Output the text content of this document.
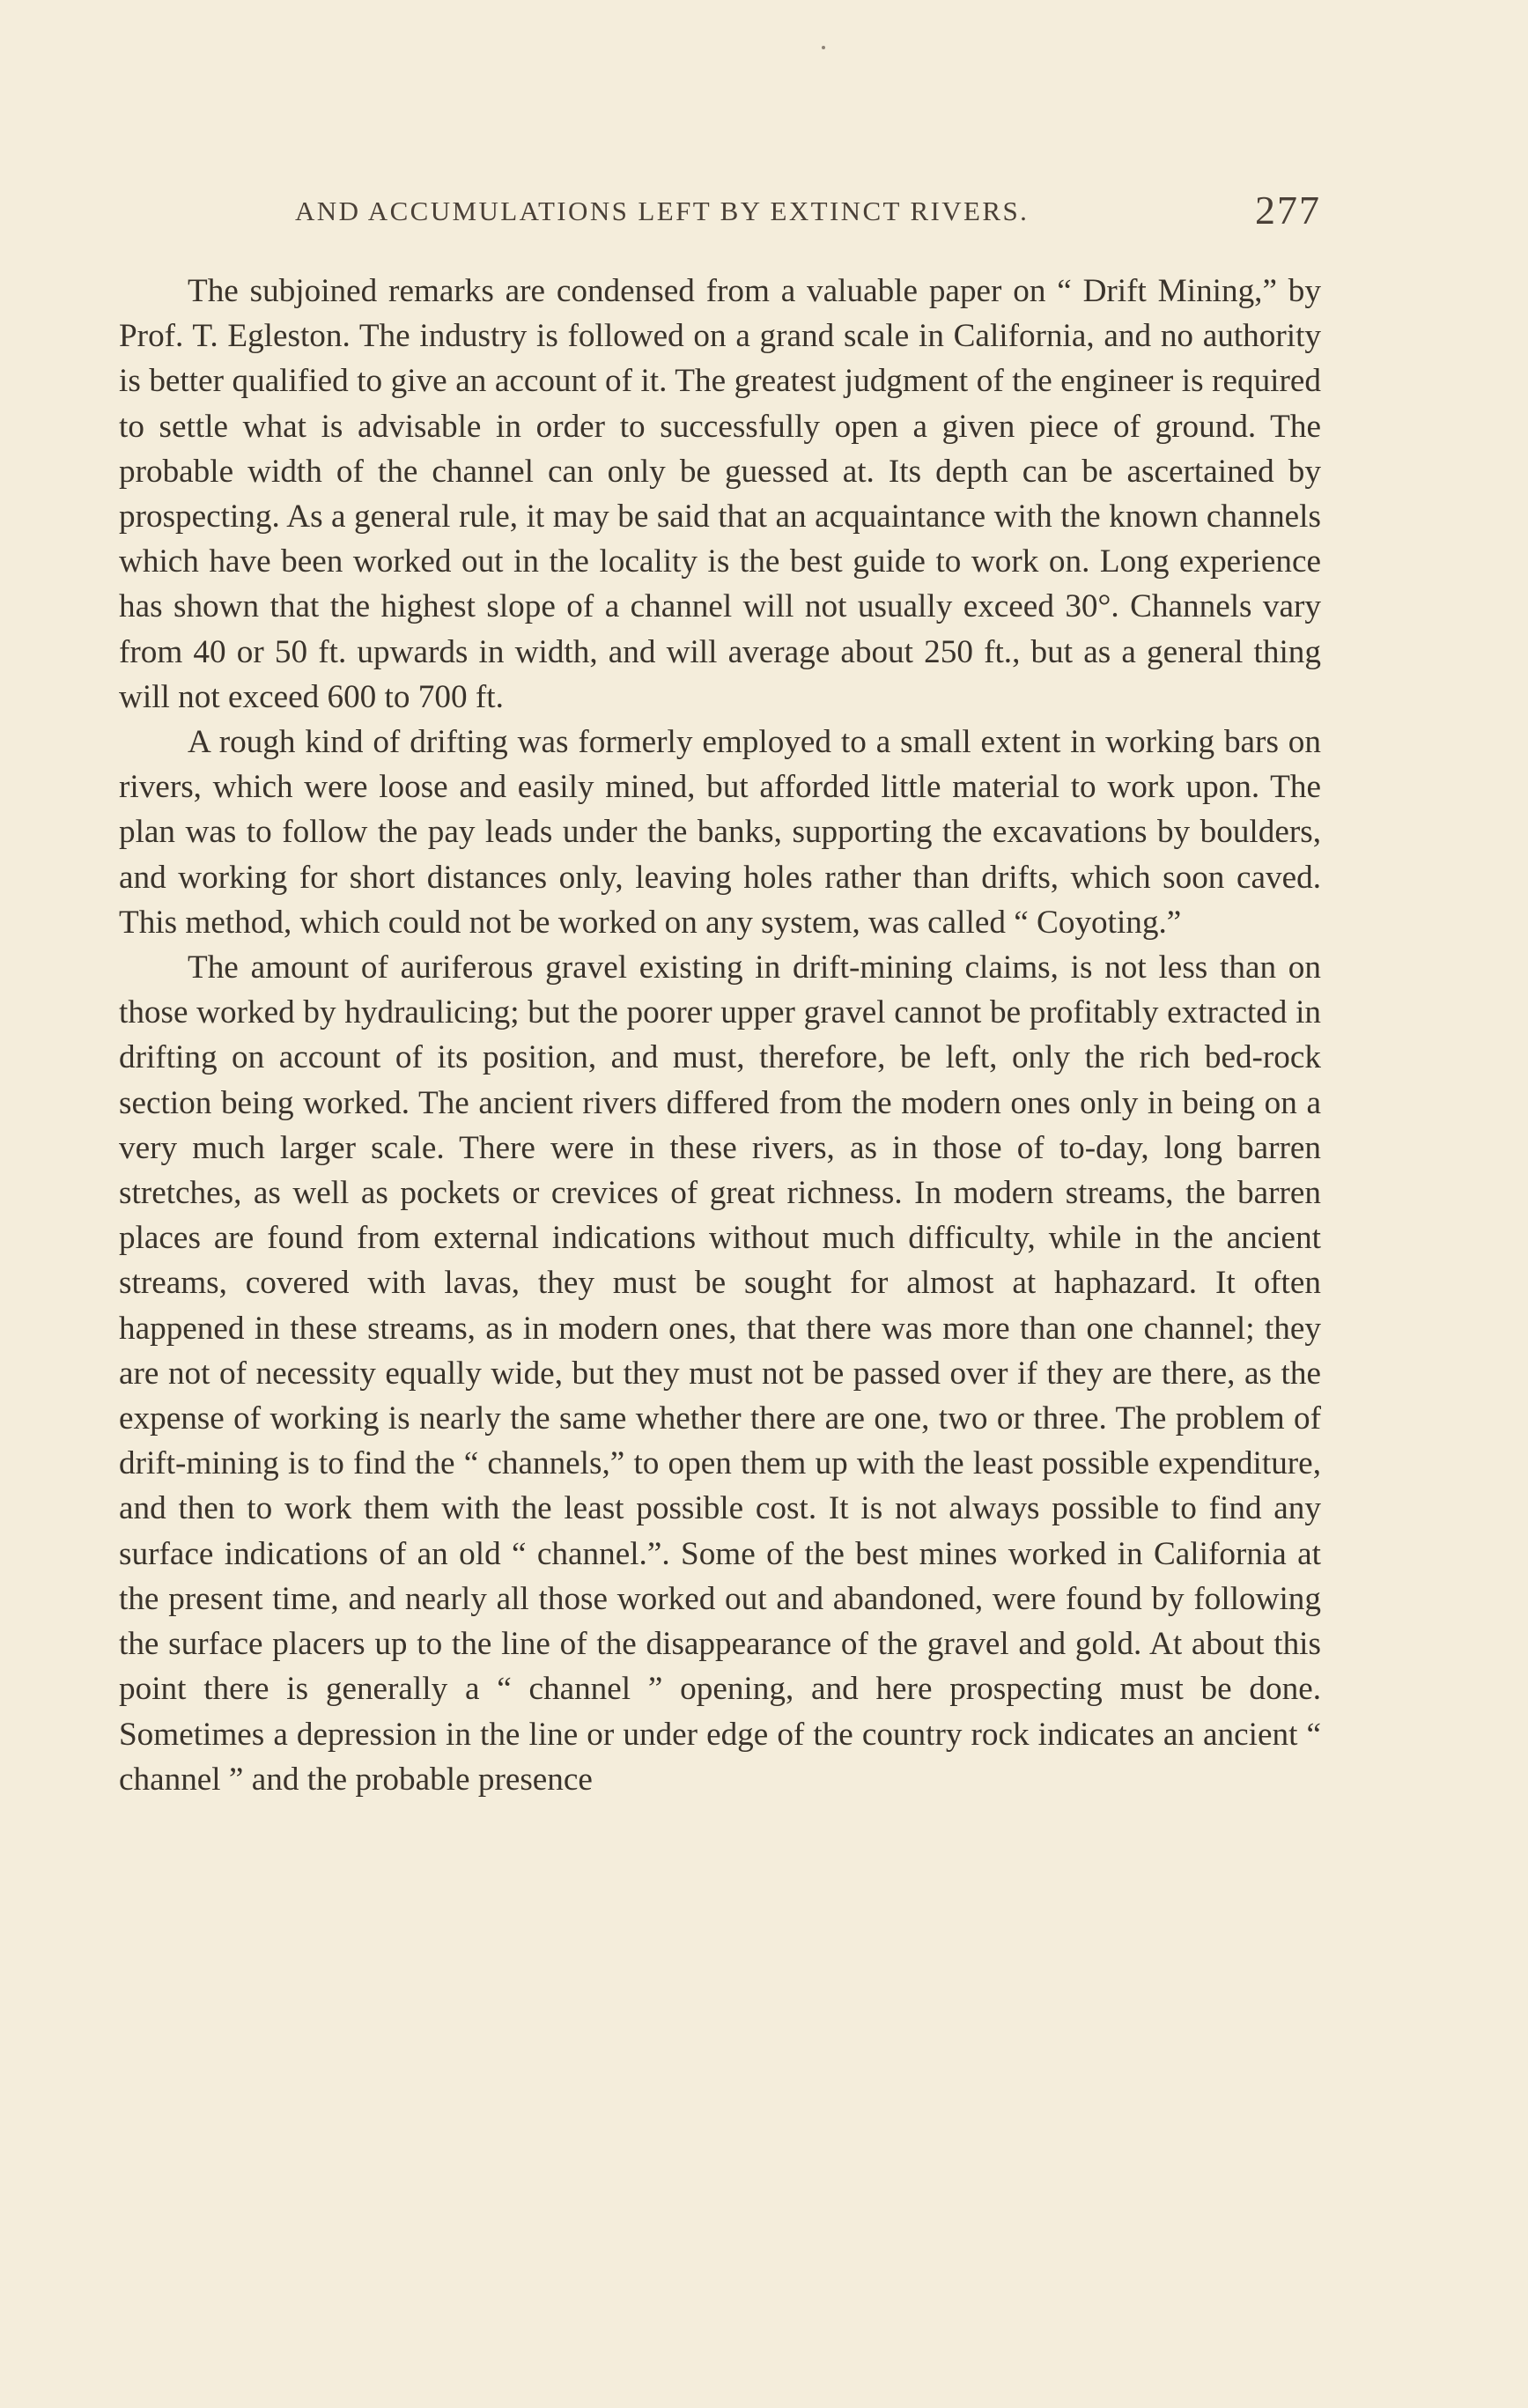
AND ACCUMULATIONS LEFT BY EXTINCT RIVERS.	277

The subjoined remarks are condensed from a valuable paper on “ Drift Mining,” by Prof. T. Egleston. The industry is followed on a grand scale in California, and no authority is better qualified to give an account of it. The greatest judgment of the engineer is required to settle what is advisable in order to successfully open a given piece of ground. The probable width of the channel can only be guessed at. Its depth can be ascertained by prospecting. As a general rule, it may be said that an acquaintance with the known channels which have been worked out in the locality is the best guide to work on. Long experience has shown that the highest slope of a channel will not usually exceed 30°. Channels vary from 40 or 50 ft. upwards in width, and will average about 250 ft., but as a general thing will not exceed 600 to 700 ft.

A rough kind of drifting was formerly employed to a small extent in working bars on rivers, which were loose and easily mined, but afforded little material to work upon. The plan was to follow the pay leads under the banks, supporting the excavations by boulders, and working for short distances only, leaving holes rather than drifts, which soon caved. This method, which could not be worked on any system, was called “ Coyoting.”

The amount of auriferous gravel existing in drift-mining claims, is not less than on those worked by hydraulicing; but the poorer upper gravel cannot be profitably extracted in drifting on account of its position, and must, therefore, be left, only the rich bed-rock section being worked. The ancient rivers differed from the modern ones only in being on a very much larger scale. There were in these rivers, as in those of to-day, long barren stretches, as well as pockets or crevices of great richness. In modern streams, the barren places are found from external indications without much difficulty, while in the ancient streams, covered with lavas, they must be sought for almost at haphazard. It often happened in these streams, as in modern ones, that there was more than one channel; they are not of necessity equally wide, but they must not be passed over if they are there, as the expense of working is nearly the same whether there are one, two or three. The problem of drift-mining is to find the “ channels,” to open them up with the least possible expenditure, and then to work them with the least possible cost. It is not always possible to find any surface indications of an old “ channel.”. Some of the best mines worked in California at the present time, and nearly all those worked out and abandoned, were found by following the surface placers up to the line of the disappearance of the gravel and gold. At about this point there is generally a “ channel ” opening, and here prospecting must be done. Sometimes a depression in the line or under edge of the country rock indicates an ancient “ channel ” and the probable presence
